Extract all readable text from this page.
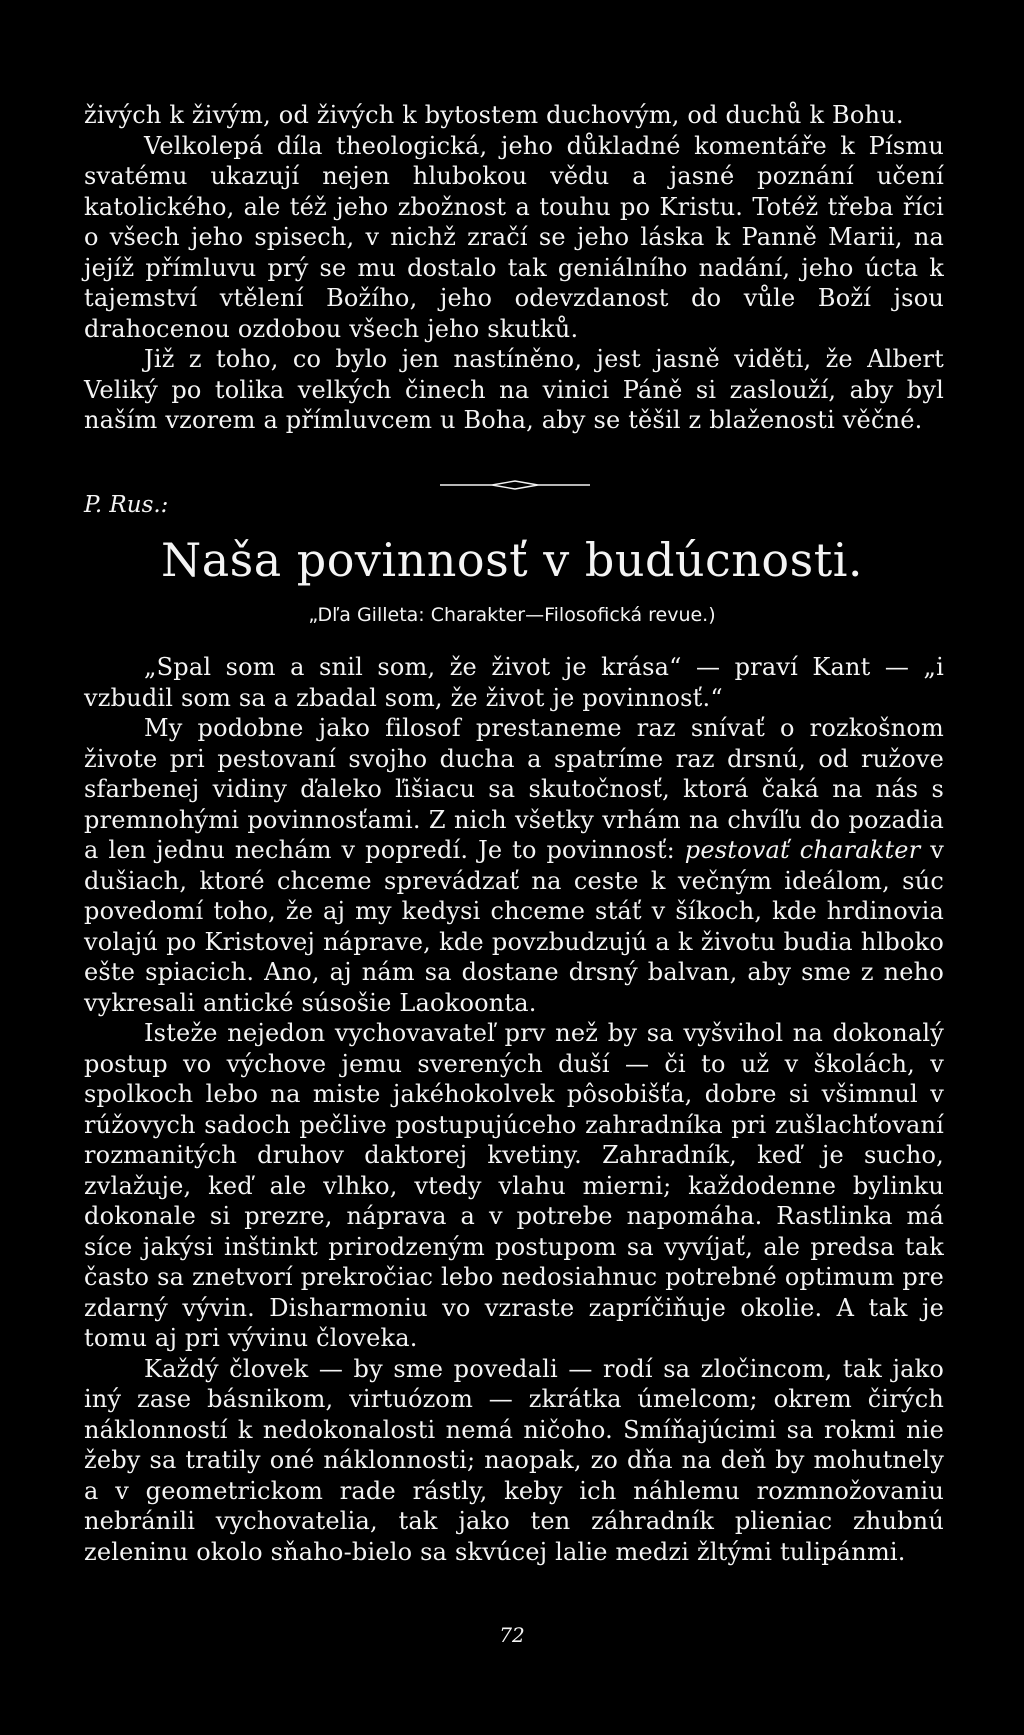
živých k živým, od živých k bytostem duchovým, od duchů k Bohu.

Velkolepá díla theologická, jeho důkladné komentáře k Písmu svatému ukazují nejen hlubokou vědu a jasné poznání učení katolického, ale též jeho zbožnost a touhu po Kristu. Totéž třeba říci o všech jeho spisech, v nichž zračí se jeho láska k Panně Marii, na jejíž přímluvu prý se mu dostalo tak geniálního nadání, jeho úcta k tajemství vtělení Božího, jeho odevzdanost do vůle Boží jsou drahocenou ozdobou všech jeho skutků.

Již z toho, co bylo jen nastíněno, jest jasně viděti, že Albert Veliký po tolika velkých činech na vinici Páně si zaslouží, aby byl naším vzorem a přímluvcem u Boha, aby se těšil z blaženosti věčné.

P. Rus.:
Naša povinnosť v budúcnosti.
„Dľa Gilleta: Charakter—Filosofická revue.)

„Spal som a snil som, že život je krása“ — praví Kant — „i vzbudil som sa a zbadal som, že život je povinnosť.“

My podobne jako filosof prestaneme raz snívať o rozkošnom živote pri pestovaní svojho ducha a spatríme raz drsnú, od ružove sfarbenej vidiny ďaleko ľišiacu sa skutočnosť, ktorá čaká na nás s premnohými povinnosťami. Z nich všetky vrhám na chvíľu do pozadia a len jednu nechám v popredí. Je to povinnosť: pestovať charakter v dušiach, ktoré chceme sprevádzať na ceste k večným ideálom, súc povedomí toho, že aj my kedysi chceme stáť v šíkoch, kde hrdinovia volajú po Kristovej náprave, kde povzbudzujú a k životu budia hlboko ešte spiacich. Ano, aj nám sa dostane drsný balvan, aby sme z neho vykresali antické súsošie Laokoonta.

Isteže nejedon vychovavateľ prv než by sa vyšvihol na dokonalý postup vo výchove jemu sverených duší — či to už v školách, v spolkoch lebo na miste jakéhokolvek pôsobišťa, dobre si všimnul v rúžovych sadoch pečlive postupujúceho zahradníka pri zušlachťovaní rozmanitých druhov daktorej kvetiny. Zahradník, keď je sucho, zvlažuje, keď ale vlhko, vtedy vlahu mierni; každodenne bylinku dokonale si prezre, náprava a v potrebe napomáha. Rastlinka má síce jakýsi inštinkt prirodzeným postupom sa vyvíjať, ale predsa tak často sa znetvorí prekročiac lebo nedosiahnuc potrebné optimum pre zdarný vývin. Disharmoniu vo vzraste zapríčiňuje okolie. A tak je tomu aj pri vývinu človeka.

Každý človek — by sme povedali — rodí sa zločincom, tak jako iný zase básnikom, virtuózom — zkrátka úmelcom; okrem čirých náklonností k nedokonalosti nemá ničoho. Smíňajúcimi sa rokmi nie žeby sa tratily oné náklonnosti; naopak, zo dňa na deň by mohutnely a v geometrickom rade rástly, keby ich náhlemu rozmnožovaniu nebránili vychovatelia, tak jako ten záhradník plieniac zhubnú zeleninu okolo sňaho-bielo sa skvúcej lalie medzi žltými tulipánmi.

72
